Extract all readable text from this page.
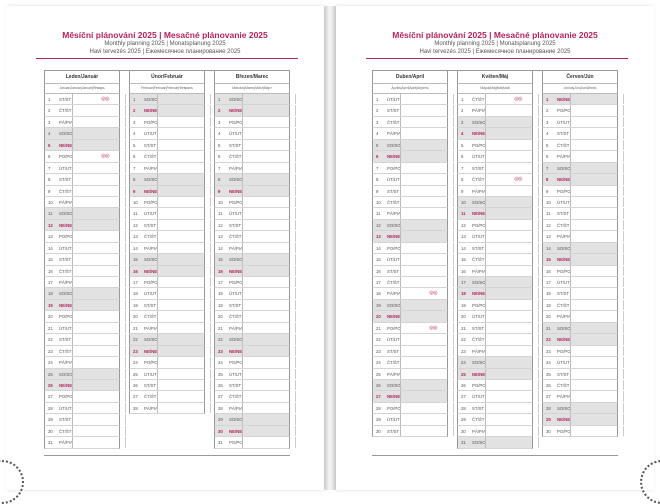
Měsíční plánování 2025 | Mesačné plánovanie 2025
Monthly planning 2025 | Monatsplanung 2025
Havi tervezés 2025 | Ежемесячное планирование 2025
Leden/Január
Január|Január|Január|Январь
1	ST/ST	◎◎
2	ČT/ŠT
3	PÁ/PIA
4	SO/SO
5	NE/NE
6	PO/PO	◎◎
7	ÚT/UT
8	ST/ST
9	ČT/ŠT
10	PÁ/PIA
11	SO/SO
12	NE/NE
13	PO/PO
14	ÚT/UT
15	ST/ST
16	ČT/ŠT
17	PÁ/PIA
18	SO/SO
19	NE/NE
20	PO/PO
21	ÚT/UT
22	ST/ST
23	ČT/ŠT
24	PÁ/PIA
25	SO/SO
26	NE/NE
27	PO/PO
28	ÚT/UT
29	ST/ST
30	ČT/ŠT
31	PÁ/PIA
Únor/Február
Február|Február|Február|Февраль
1	SO/SO
2	NE/NE
3	PO/PO
4	ÚT/UT
5	ST/ST
6	ČT/ŠT
7	PÁ/PIA
8	SO/SO
9	NE/NE
10	PO/PO
11	ÚT/UT
12	ST/ST
13	ČT/ŠT
14	PÁ/PIA
15	SO/SO
16	NE/NE
17	PO/PO
18	ÚT/UT
19	ST/ST
20	ČT/ŠT
21	PÁ/PIA
22	SO/SO
23	NE/NE
24	PO/PO
25	ÚT/UT
26	ST/ST
27	ČT/ŠT
28	PÁ/PIA
Březen/Marec
Március|Marec|März|Март
1	SO/SO
2	NE/NE
3	PO/PO
4	ÚT/UT
5	ST/ST
6	ČT/ŠT
7	PÁ/PIA
8	SO/SO
9	NE/NE
10	PO/PO
11	ÚT/UT
12	ST/ST
13	ČT/ŠT
14	PÁ/PIA
15	SO/SO
16	NE/NE
17	PO/PO
18	ÚT/UT
19	ST/ST
20	ČT/ŠT
21	PÁ/PIA
22	SO/SO
23	NE/NE
24	PO/PO
25	ÚT/UT
26	ST/ST
27	ČT/ŠT
28	PÁ/PIA
29	SO/SO
30	NE/NE
31	PO/PO
Měsíční plánování 2025 | Mesačné plánovanie 2025
Monthly planning 2025 | Monatsplanung 2025
Havi tervezés 2025 | Ежемесячное планирование 2025
Duben/April
Április|Apríl|April|Апрель
1	ÚT/UT
2	ST/ST
3	ČT/ŠT
4	PÁ/PIA
5	SO/SO
6	NE/NE
7	PO/PO
8	ÚT/UT
9	ST/ST
10	ČT/ŠT
11	PÁ/PIA
12	SO/SO
13	NE/NE
14	PO/PO
15	ÚT/UT
16	ST/ST
17	ČT/ŠT
18	PÁ/PIA	◎◎
19	SO/SO
20	NE/NE
21	PO/PO	◎◎
22	ÚT/UT
23	ST/ST
24	ČT/ŠT
25	PÁ/PIA
26	SO/SO
27	NE/NE
28	PO/PO
29	ÚT/UT
30	ST/ST
Květen/Máj
Május|Máj|Mai|Май
1	ČT/ŠT	◎◎
2	PÁ/PIA
3	SO/SO
4	NE/NE
5	PO/PO
6	ÚT/UT
7	ST/ST
8	ČT/ŠT	◎◎
9	PÁ/PIA
10	SO/SO
11	NE/NE
12	PO/PO
13	ÚT/UT
14	ST/ST
15	ČT/ŠT
16	PÁ/PIA
17	SO/SO
18	NE/NE
19	PO/PO
20	ÚT/UT
21	ST/ST
22	ČT/ŠT
23	PÁ/PIA
24	SO/SO
25	NE/NE
26	PO/PO
27	ÚT/UT
28	ST/ST
29	ČT/ŠT
30	PÁ/PIA
31	SO/SO
Červen/Jún
Június|Jún|Juni|Июнь
1	NE/NE
2	PO/PO
3	ÚT/UT
4	ST/ST
5	ČT/ŠT
6	PÁ/PIA
7	SO/SO
8	NE/NE
9	PO/PO
10	ÚT/UT
11	ST/ST
12	ČT/ŠT
13	PÁ/PIA
14	SO/SO
15	NE/NE
16	PO/PO
17	ÚT/UT
18	ST/ST
19	ČT/ŠT
20	PÁ/PIA
21	SO/SO
22	NE/NE
23	PO/PO
24	ÚT/UT
25	ST/ST
26	ČT/ŠT
27	PÁ/PIA
28	SO/SO
29	NE/NE
30	PO/PO
